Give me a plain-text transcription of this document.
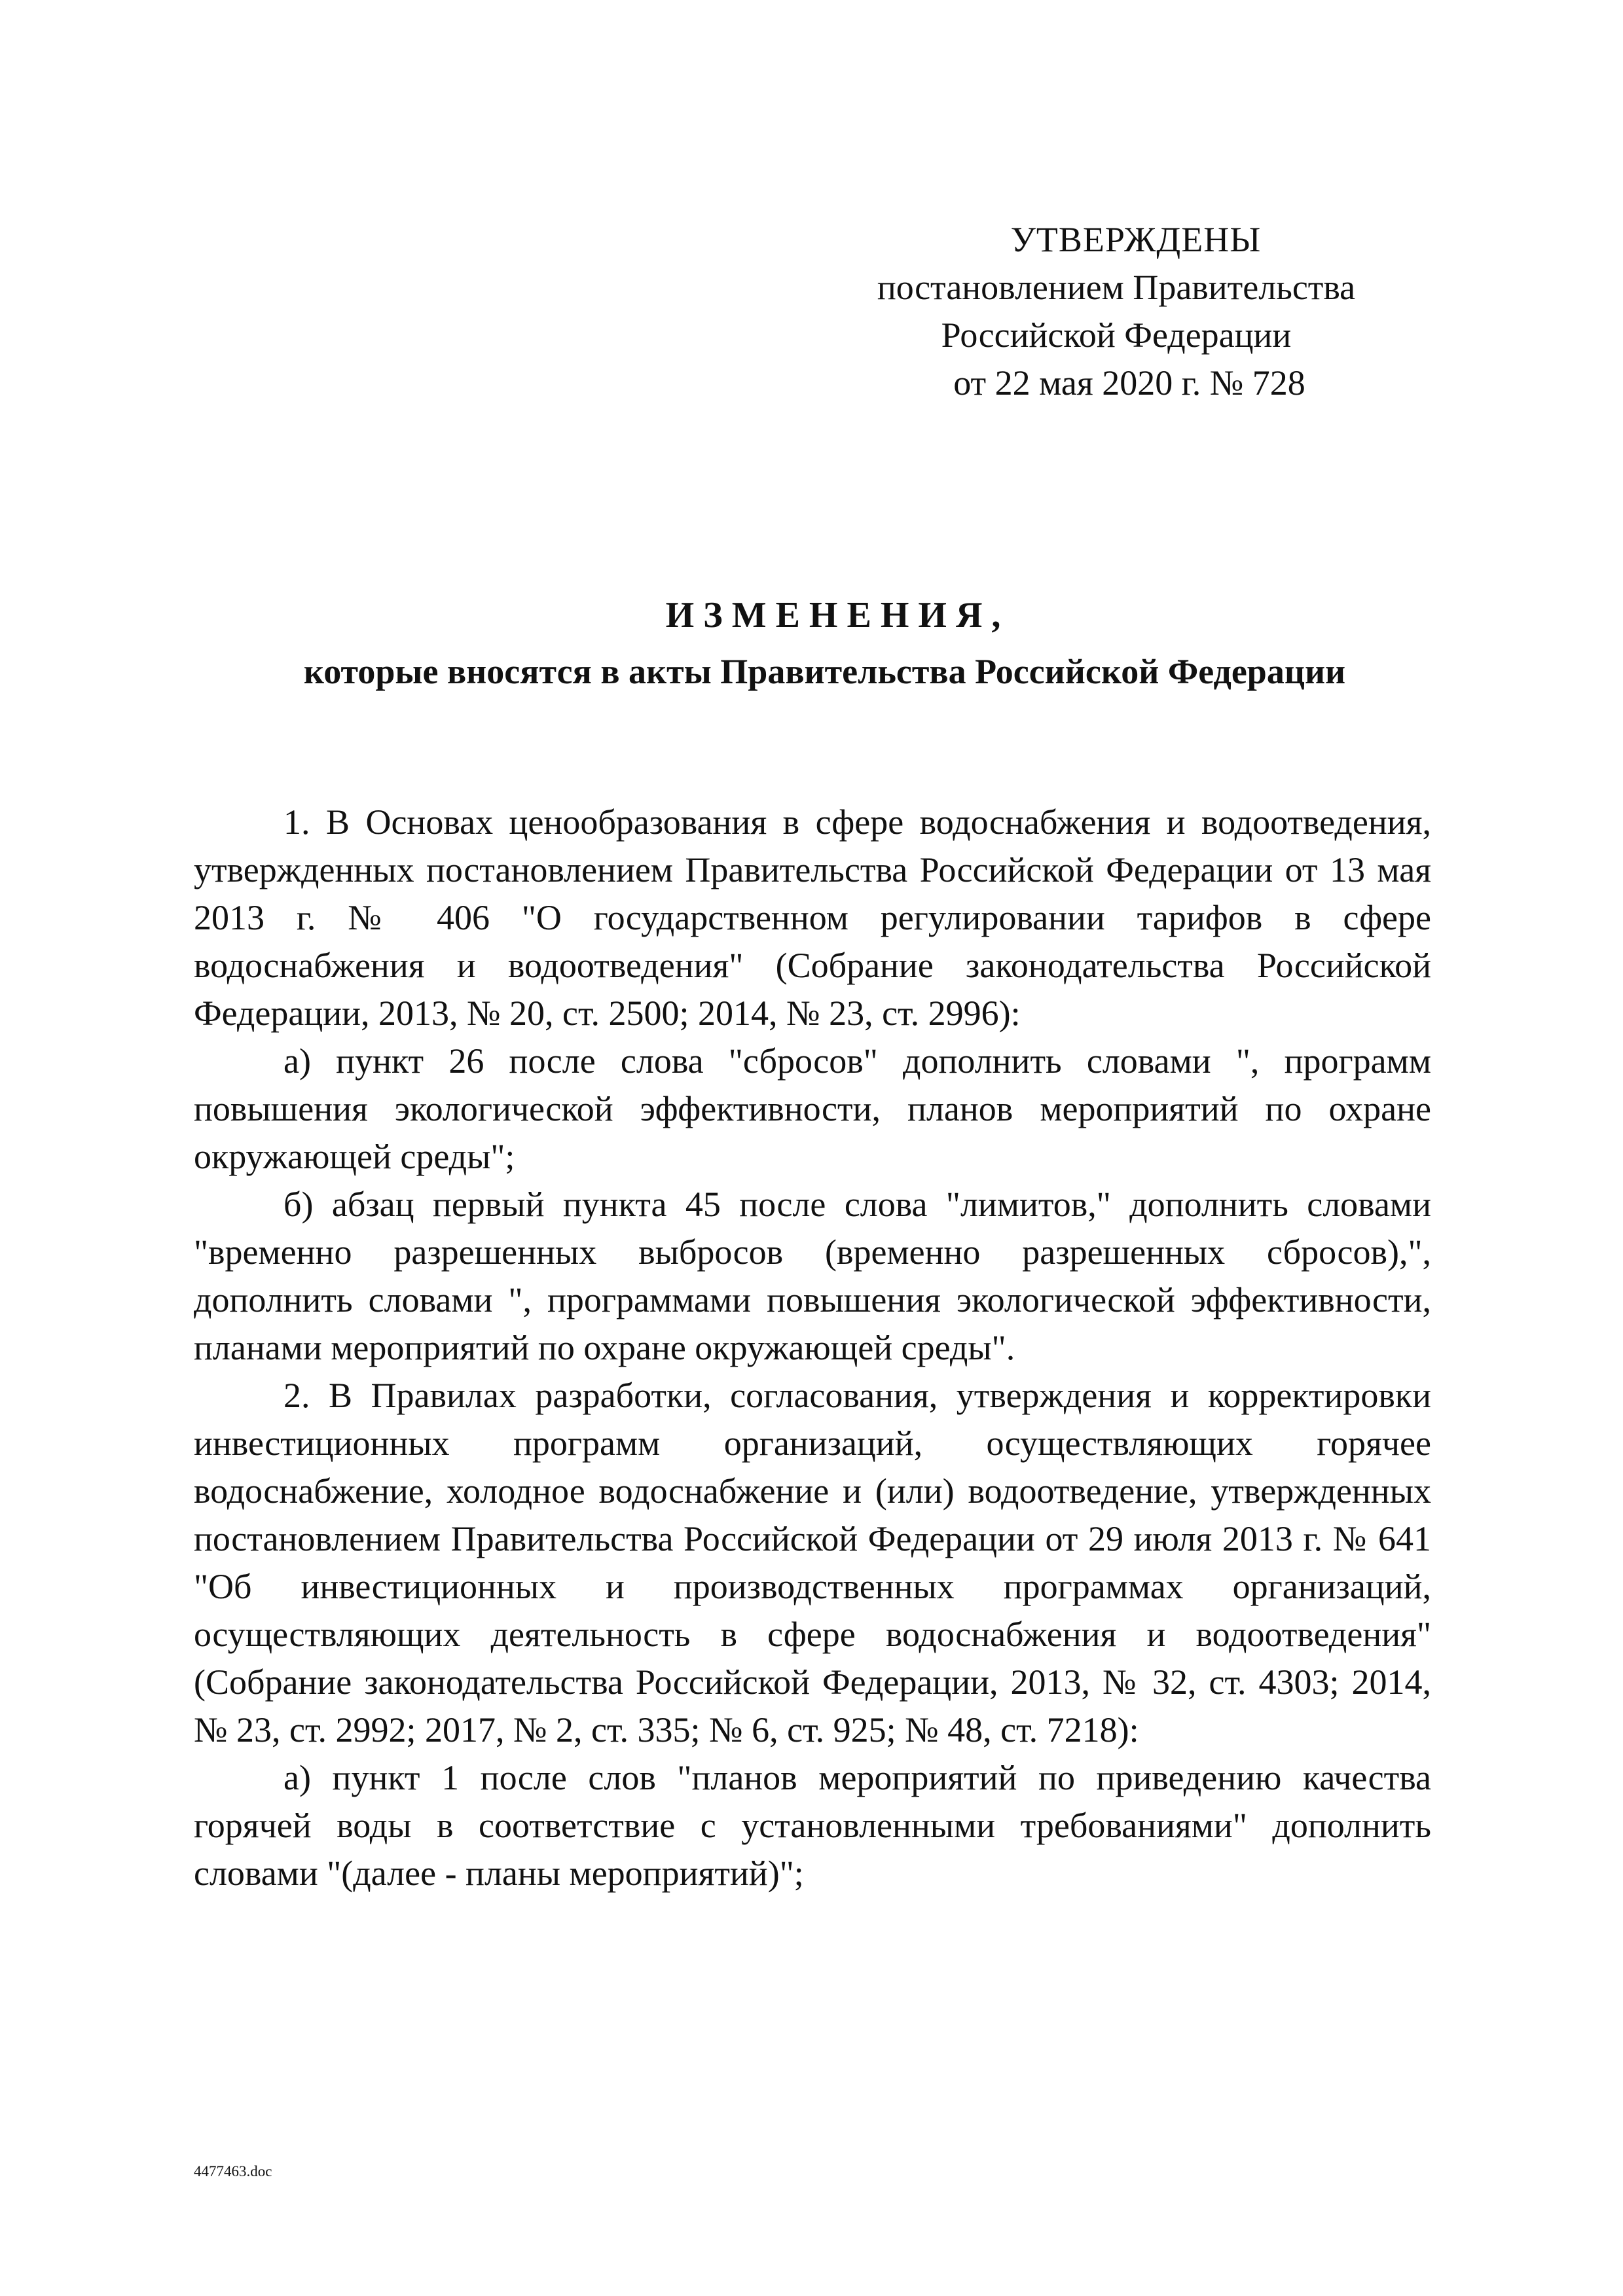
УТВЕРЖДЕНЫ
постановлением Правительства
Российской Федерации
от 22 мая 2020 г. № 728
ИЗМЕНЕНИЯ,
которые вносятся в акты Правительства Российской Федерации

1. В Основах ценообразования в сфере водоснабжения и водоотведения, утвержденных постановлением Правительства Российской Федерации от 13 мая 2013 г. № 406 "О государственном регулировании тарифов в сфере водоснабжения и водоотведения" (Собрание законодательства Российской Федерации, 2013, № 20, ст. 2500; 2014, № 23, ст. 2996):

а) пункт 26 после слова "сбросов" дополнить словами ", программ повышения экологической эффективности, планов мероприятий по охране окружающей среды";

б) абзац первый пункта 45 после слова "лимитов," дополнить словами "временно разрешенных выбросов (временно разрешенных сбросов),", дополнить словами ", программами повышения экологической эффективности, планами мероприятий по охране окружающей среды".

2. В Правилах разработки, согласования, утверждения и корректировки инвестиционных программ организаций, осуществляющих горячее водоснабжение, холодное водоснабжение и (или) водоотведение, утвержденных постановлением Правительства Российской Федерации от 29 июля 2013 г. № 641 "Об инвестиционных и производственных программах организаций, осуществляющих деятельность в сфере водоснабжения и водоотведения" (Собрание законодательства Российской Федерации, 2013, № 32, ст. 4303; 2014, № 23, ст. 2992; 2017, № 2, ст. 335; № 6, ст. 925; № 48, ст. 7218):

а) пункт 1 после слов "планов мероприятий по приведению качества горячей воды в соответствие с установленными требованиями" дополнить словами "(далее - планы мероприятий)";

4477463.doc
